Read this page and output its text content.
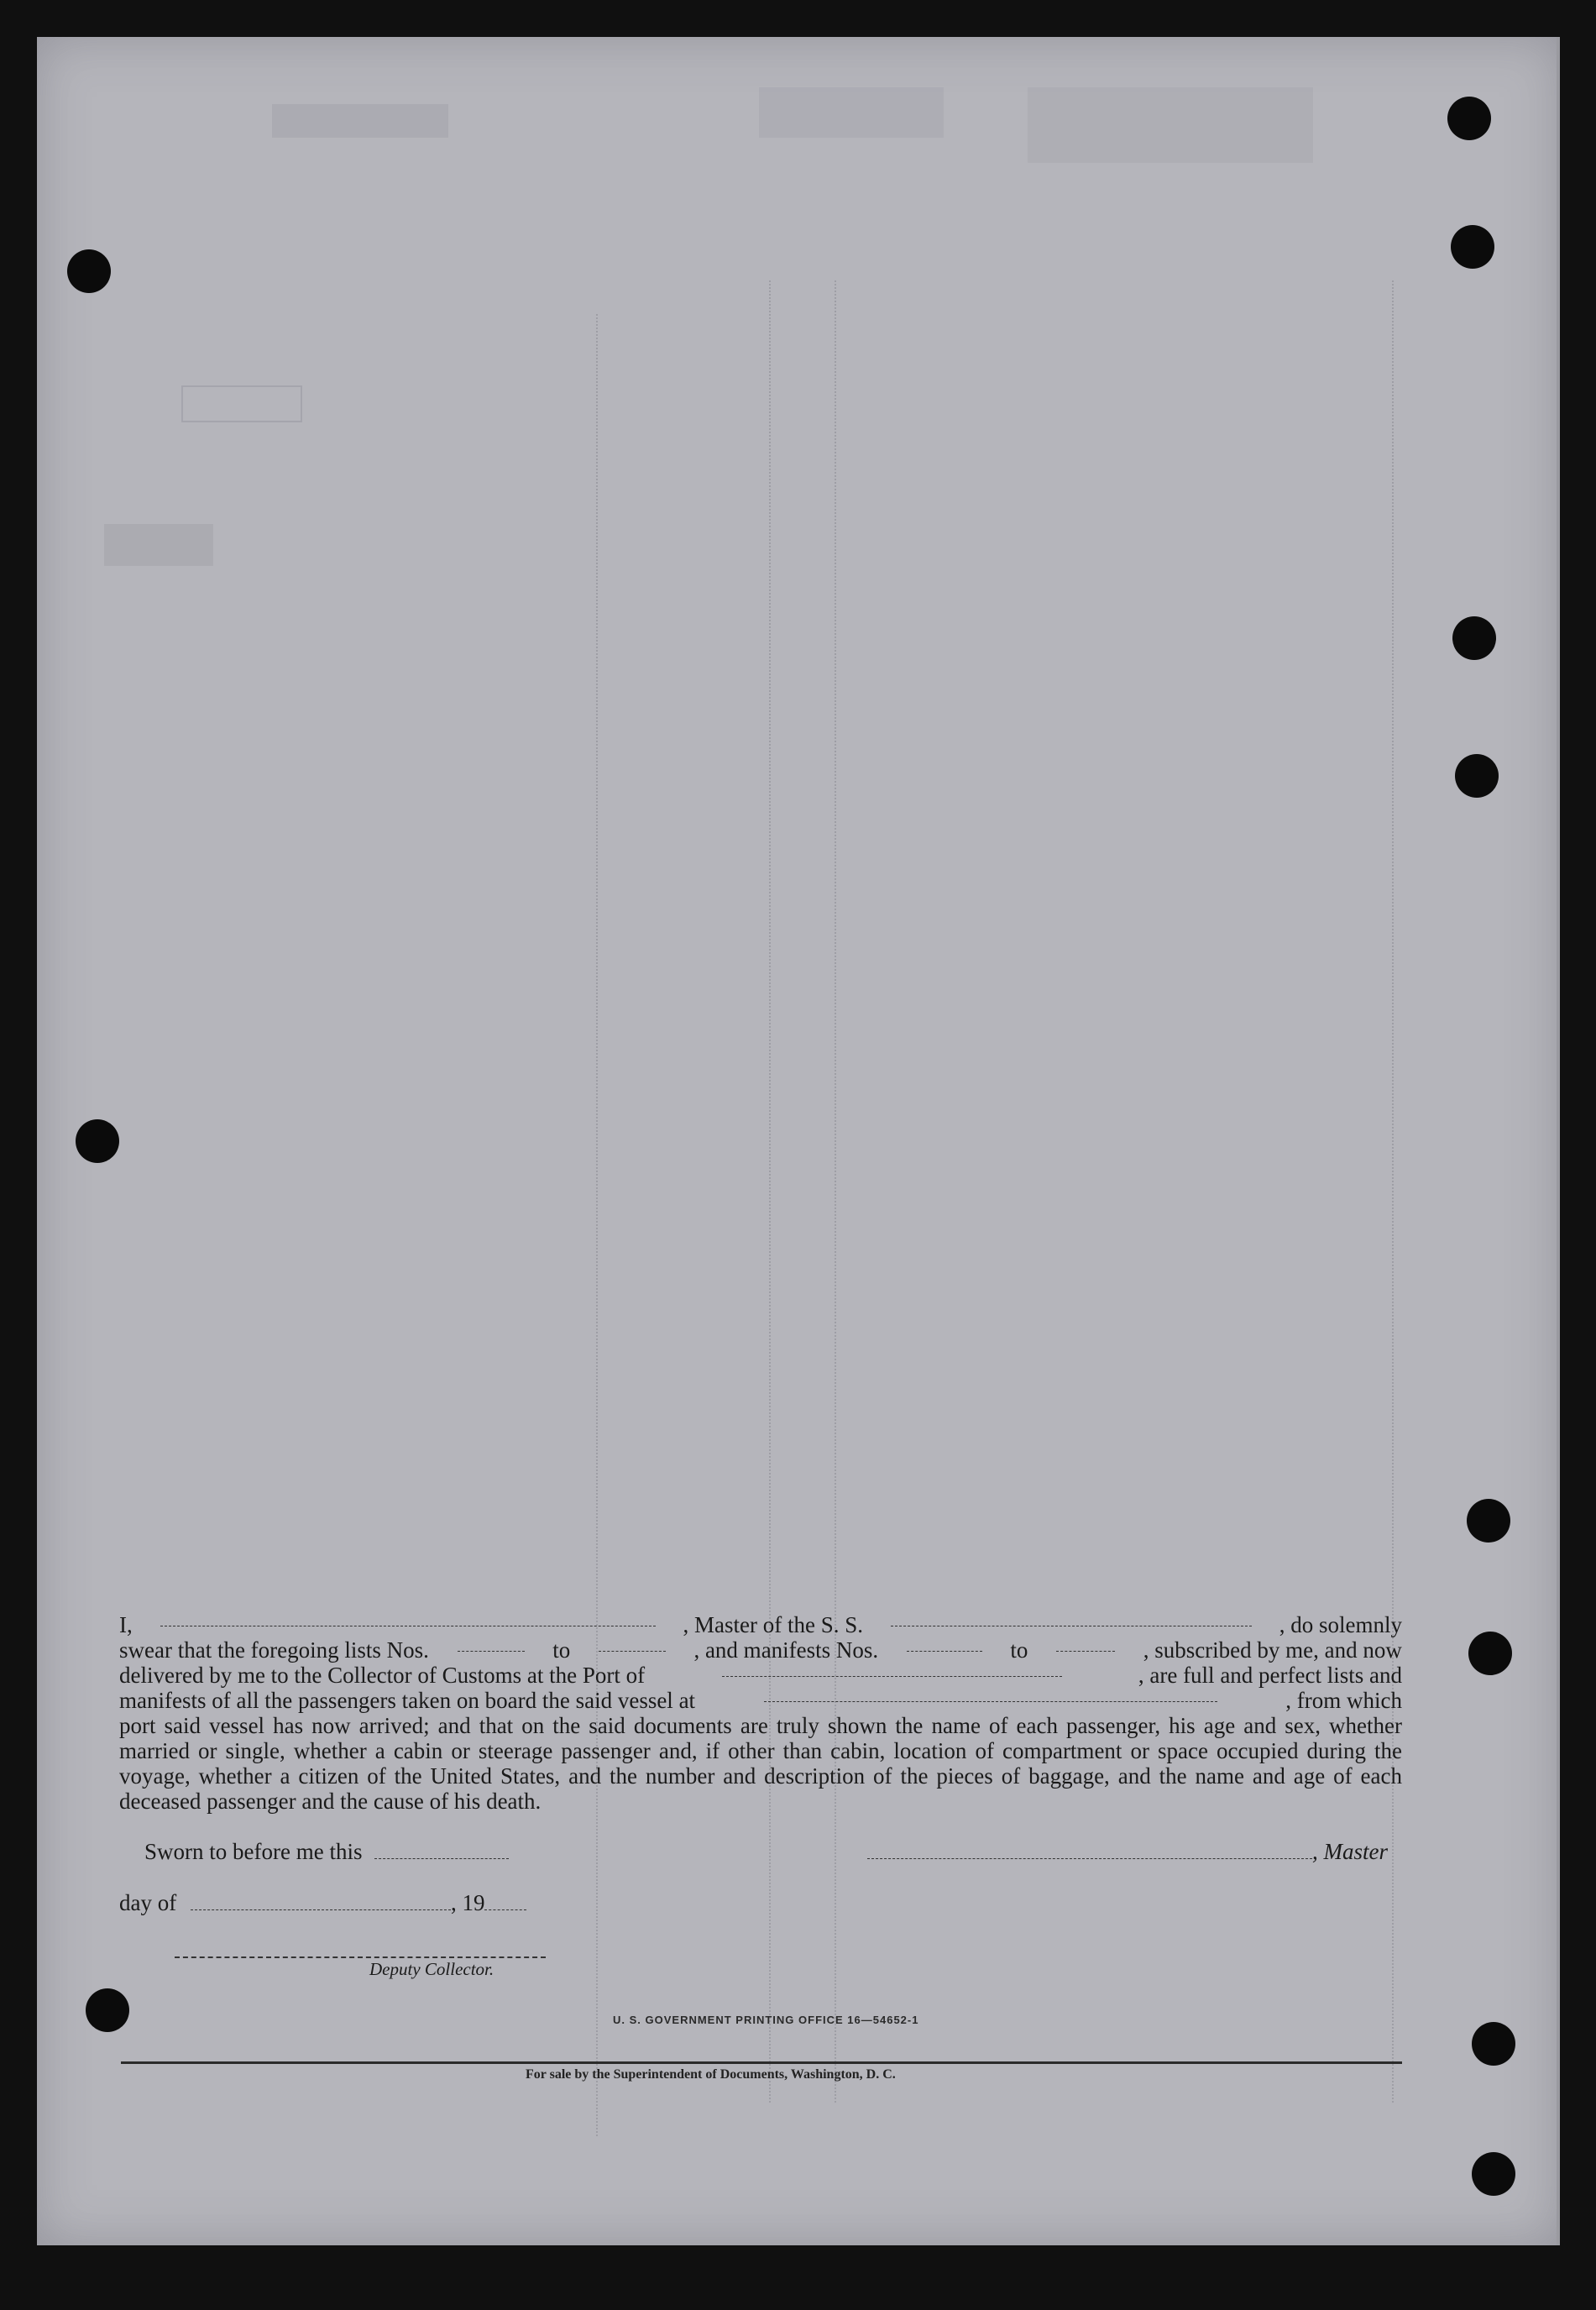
I,	, Master of the S. S.	, do solemnly

swear that the foregoing lists Nos.	to	, and manifests Nos.	to	, subscribed by me, and now

delivered by me to the Collector of Customs at the Port of	, are full and perfect lists and

manifests of all the passengers taken on board the said vessel at	, from which

port said vessel has now arrived; and that on the said documents are truly shown the name of each passenger, his age and sex, whether married or single, whether a cabin or steerage passenger and, if other than cabin, location of compartment or space occupied during the voyage, whether a citizen of the United States, and the number and description of the pieces of baggage, and the name and age of each deceased passenger and the cause of his death.

Sworn to before me this	, Master
day of	, 19
Deputy Collector.
U. S. GOVERNMENT PRINTING OFFICE 16—54652-1
For sale by the Superintendent of Documents, Washington, D. C.
